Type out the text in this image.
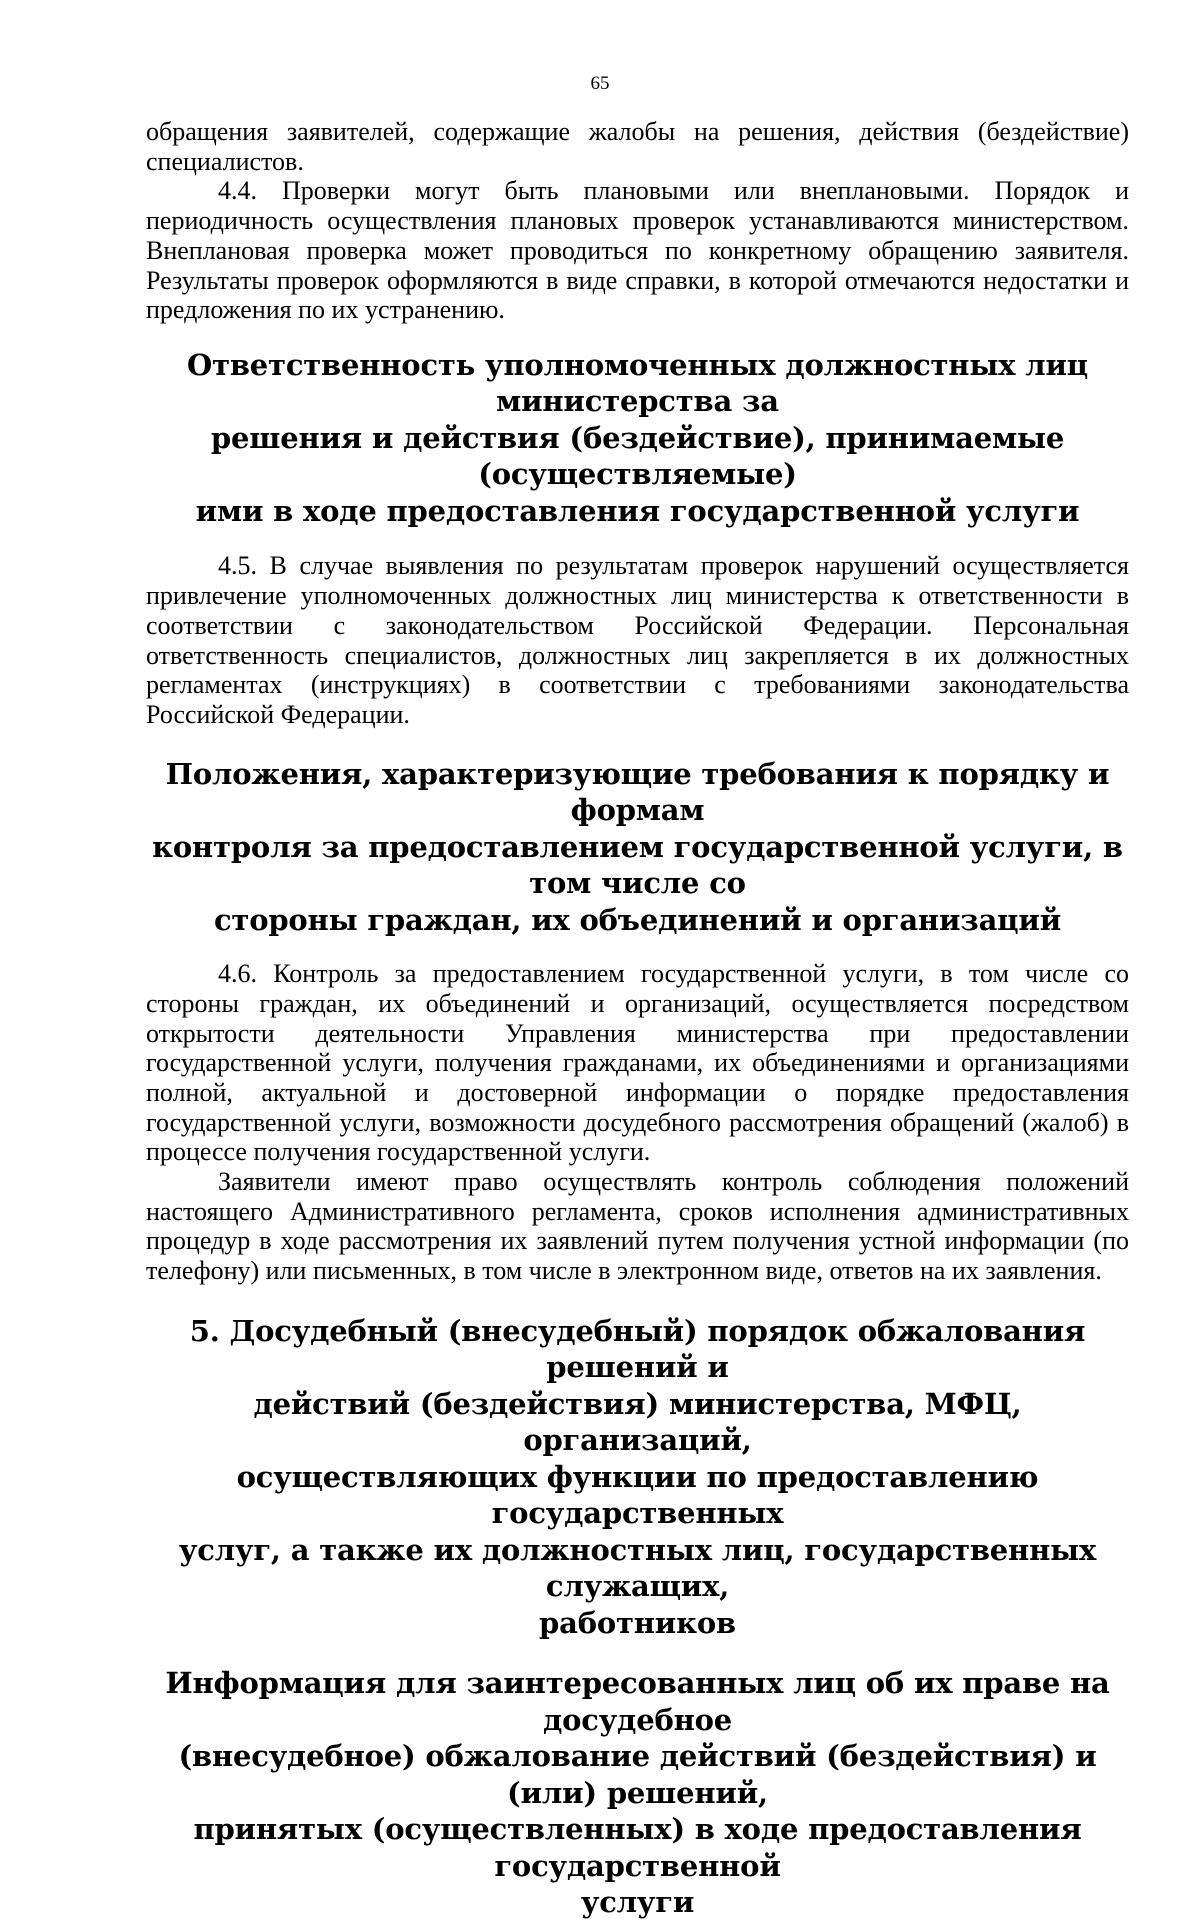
65

обращения заявителей, содержащие жалобы на решения, действия (бездействие) специалистов.

4.4. Проверки могут быть плановыми или внеплановыми. Порядок и периодичность осуществления плановых проверок устанавливаются министерством. Внеплановая проверка может проводиться по конкретному обращению заявителя. Результаты проверок оформляются в виде справки, в которой отмечаются недостатки и предложения по их устранению.

Ответственность уполномоченных должностных лиц министерства за
решения и действия (бездействие), принимаемые (осуществляемые)
ими в ходе предоставления государственной услуги

4.5. В случае выявления по результатам проверок нарушений осуществляется привлечение уполномоченных должностных лиц министерства к ответственности в соответствии с законодательством Российской Федерации. Персональная ответственность специалистов, должностных лиц закрепляется в их должностных регламентах (инструкциях) в соответствии с требованиями законодательства Российской Федерации.

Положения, характеризующие требования к порядку и формам
контроля за предоставлением государственной услуги, в том числе со
стороны граждан, их объединений и организаций

4.6. Контроль за предоставлением государственной услуги, в том числе со стороны граждан, их объединений и организаций, осуществляется посредством открытости деятельности Управления министерства при предоставлении государственной услуги, получения гражданами, их объединениями и организациями полной, актуальной и достоверной информации о порядке предоставления государственной услуги, возможности досудебного рассмотрения обращений (жалоб) в процессе получения государственной услуги.

Заявители имеют право осуществлять контроль соблюдения положений настоящего Административного регламента, сроков исполнения административных процедур в ходе рассмотрения их заявлений путем получения устной информации (по телефону) или письменных, в том числе в электронном виде, ответов на их заявления.

5. Досудебный (внесудебный) порядок обжалования решений и
действий (бездействия) министерства, МФЦ, организаций,
осуществляющих функции по предоставлению государственных
услуг, а также их должностных лиц, государственных служащих,
работников
Информация для заинтересованных лиц об их праве на досудебное
(внесудебное) обжалование действий (бездействия) и (или) решений,
принятых (осуществленных) в ходе предоставления государственной
услуги
